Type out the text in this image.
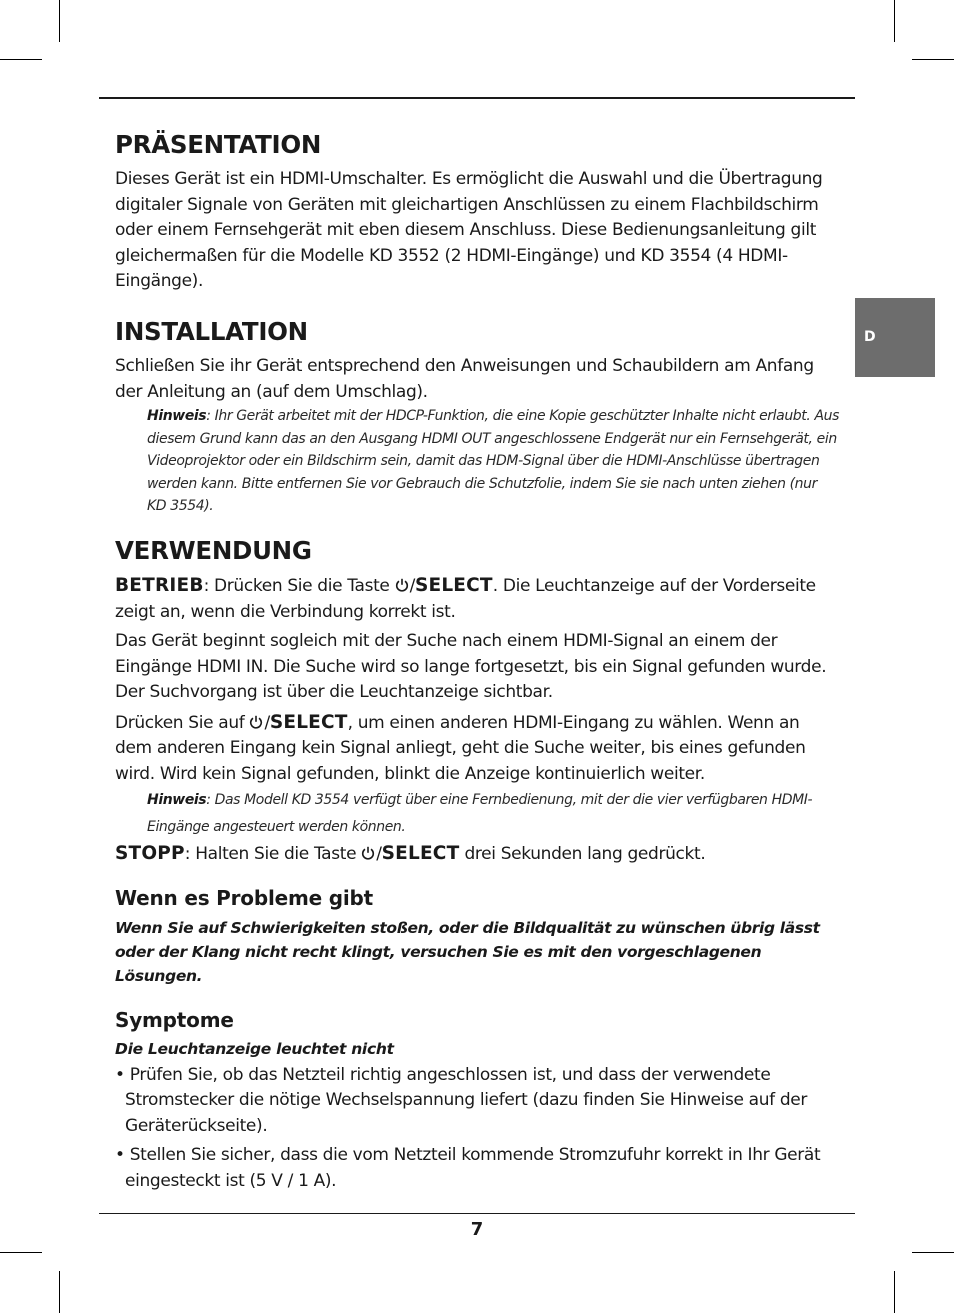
D
PRÄSENTATION

Dieses Gerät ist ein HDMI-Umschalter. Es ermöglicht die Auswahl und die Übertragung digitaler Signale von Geräten mit gleichartigen Anschlüssen zu einem Flachbildschirm oder einem Fernsehgerät mit eben diesem Anschluss. Diese Bedienungsanleitung gilt gleichermaßen für die Modelle KD 3552 (2 HDMI-Eingänge) und KD 3554 (4 HDMI-Eingänge).

INSTALLATION

Schließen Sie ihr Gerät entsprechend den Anweisungen und Schaubildern am Anfang der Anleitung an (auf dem Umschlag).

Hinweis: Ihr Gerät arbeitet mit der HDCP-Funktion, die eine Kopie geschützter Inhalte nicht erlaubt. Aus diesem Grund kann das an den Ausgang HDMI OUT angeschlossene Endgerät nur ein Fernsehgerät, ein Videoprojektor oder ein Bildschirm sein, damit das HDM-Signal über die HDMI-Anschlüsse übertragen werden kann. Bitte entfernen Sie vor Gebrauch die Schutzfolie, indem Sie sie nach unten ziehen (nur KD 3554).

VERWENDUNG

BETRIEB: Drücken Sie die Taste /SELECT. Die Leuchtanzeige auf der Vorderseite zeigt an, wenn die Verbindung korrekt ist.

Das Gerät beginnt sogleich mit der Suche nach einem HDMI-Signal an einem der Eingänge HDMI IN. Die Suche wird so lange fortgesetzt, bis ein Signal gefunden wurde. Der Suchvorgang ist über die Leuchtanzeige sichtbar.

Drücken Sie auf /SELECT, um einen anderen HDMI-Eingang zu wählen. Wenn an dem anderen Eingang kein Signal anliegt, geht die Suche weiter, bis eines gefunden wird. Wird kein Signal gefunden, blinkt die Anzeige kontinuierlich weiter.

Hinweis: Das Modell KD 3554 verfügt über eine Fernbedienung, mit der die vier verfügbaren HDMI-Eingänge angesteuert werden können.

STOPP: Halten Sie die Taste /SELECT drei Sekunden lang gedrückt.

Wenn es Probleme gibt

Wenn Sie auf Schwierigkeiten stoßen, oder die Bildqualität zu wünschen übrig lässt oder der Klang nicht recht klingt, versuchen Sie es mit den vorgeschlagenen Lösungen.

Symptome

Die Leuchtanzeige leuchtet nicht

• Prüfen Sie, ob das Netzteil richtig angeschlossen ist, und dass der verwendete Stromstecker die nötige Wechselspannung liefert (dazu finden Sie Hinweise auf der Geräterückseite).

• Stellen Sie sicher, dass die vom Netzteil kommende Stromzufuhr korrekt in Ihr Gerät eingesteckt ist (5 V / 1 A).

7
